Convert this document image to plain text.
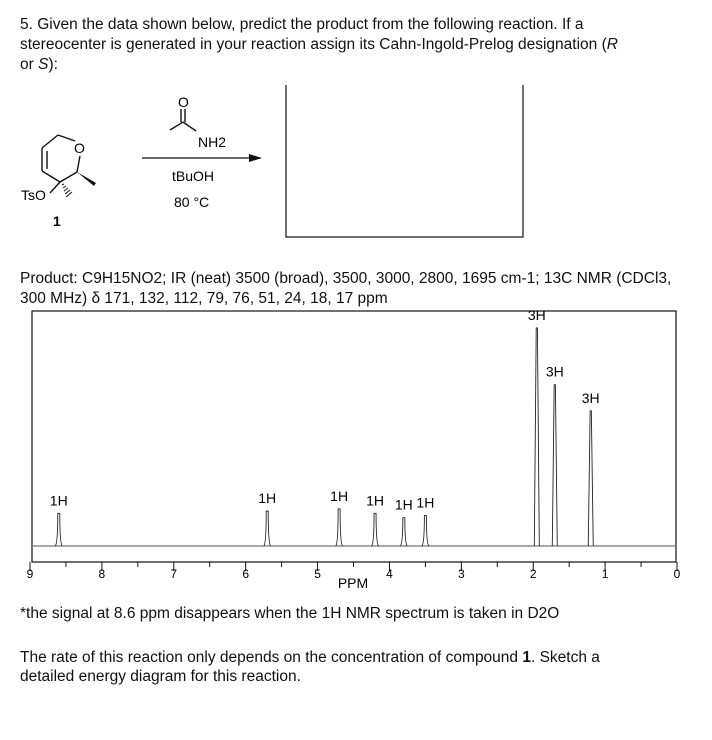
5. Given the data shown below, predict the product from the following reaction. If a
stereocenter is generated in your reaction assign its Cahn-Ingold-Prelog designation (R
or S):
O
TsO
1
O
NH2
tBuOH
80 °C
Product: C9H15NO2; IR (neat) 3500 (broad), 3500, 3000, 2800, 1695 cm-1; 13C NMR (CDCl3,
300 MHz) δ 171, 132, 112, 79, 76, 51, 24, 18, 17 ppm
9	8	7	6	5	4	3	2	1	0
1H	1H	1H 1H 1H 1H
3H
3H
3H
PPM
*the signal at 8.6 ppm disappears when the 1H NMR spectrum is taken in D2O
The rate of this reaction only depends on the concentration of compound 1. Sketch a
detailed energy diagram for this reaction.
